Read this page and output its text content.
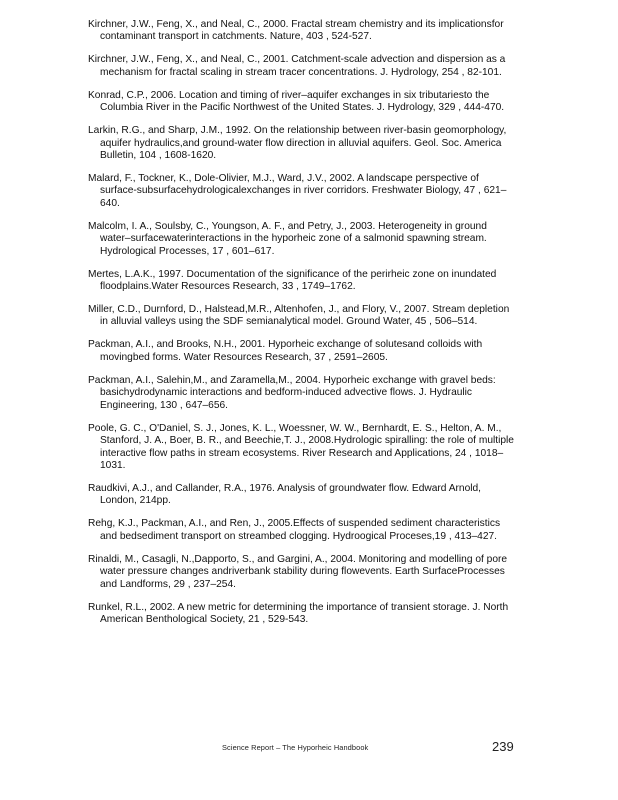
Kirchner, J.W., Feng, X., and Neal, C., 2000. Fractal stream chemistry and its implicationsfor contaminant transport in catchments. Nature, 403 , 524-527.

Kirchner, J.W., Feng, X., and Neal, C., 2001. Catchment-scale advection and dispersion as a mechanism for fractal scaling in stream tracer concentrations. J. Hydrology, 254 , 82-101.

Konrad, C.P., 2006. Location and timing of river–aquifer exchanges in six tributariesto the Columbia River in the Pacific Northwest of the United States. J. Hydrology, 329 , 444-470.

Larkin, R.G., and Sharp, J.M., 1992. On the relationship between river-basin geomorphology, aquifer hydraulics,and ground-water flow direction in alluvial aquifers. Geol. Soc. America Bulletin, 104 , 1608-1620.

Malard, F., Tockner, K., Dole-Olivier, M.J., Ward, J.V., 2002. A landscape perspective of surface-subsurfacehydrologicalexchanges in river corridors. Freshwater Biology, 47 , 621–640.

Malcolm, I. A., Soulsby, C., Youngson, A. F., and Petry, J., 2003. Heterogeneity in ground water–surfacewaterinteractions in the hyporheic zone of a salmonid spawning stream. Hydrological Processes, 17 , 601–617.

Mertes, L.A.K., 1997. Documentation of the significance of the perirheic zone on inundated floodplains.Water Resources Research, 33 , 1749–1762.

Miller, C.D., Durnford, D., Halstead,M.R., Altenhofen, J., and Flory, V., 2007. Stream depletion in alluvial valleys using the SDF semianalytical model. Ground Water, 45 , 506–514.

Packman, A.I., and Brooks, N.H., 2001. Hyporheic exchange of solutesand colloids with movingbed forms. Water Resources Research, 37 , 2591–2605.

Packman, A.I., Salehin,M., and Zaramella,M., 2004. Hyporheic exchange with gravel beds: basichydrodynamic interactions and bedform-induced advective flows. J. Hydraulic Engineering, 130 , 647–656.

Poole, G. C., O'Daniel, S. J., Jones, K. L., Woessner, W. W., Bernhardt, E. S., Helton, A. M., Stanford, J. A., Boer, B. R., and Beechie,T. J., 2008.Hydrologic spiralling: the role of multiple interactive flow paths in stream ecosystems. River Research and Applications, 24 , 1018–1031.

Raudkivi, A.J., and Callander, R.A., 1976. Analysis of groundwater flow. Edward Arnold, London, 214pp.

Rehg, K.J., Packman, A.I., and Ren, J., 2005.Effects of suspended sediment characteristics and bedsediment transport on streambed clogging. Hydroogical Proceses,19 , 413–427.

Rinaldi, M., Casagli, N.,Dapporto, S., and Gargini, A., 2004. Monitoring and modelling of pore water pressure changes andriverbank stability during flowevents. Earth SurfaceProcesses and Landforms, 29 , 237–254.

Runkel, R.L., 2002. A new metric for determining the importance of transient storage. J. North American Benthological Society, 21 , 529-543.

Science Report – The Hyporheic Handbook	239
